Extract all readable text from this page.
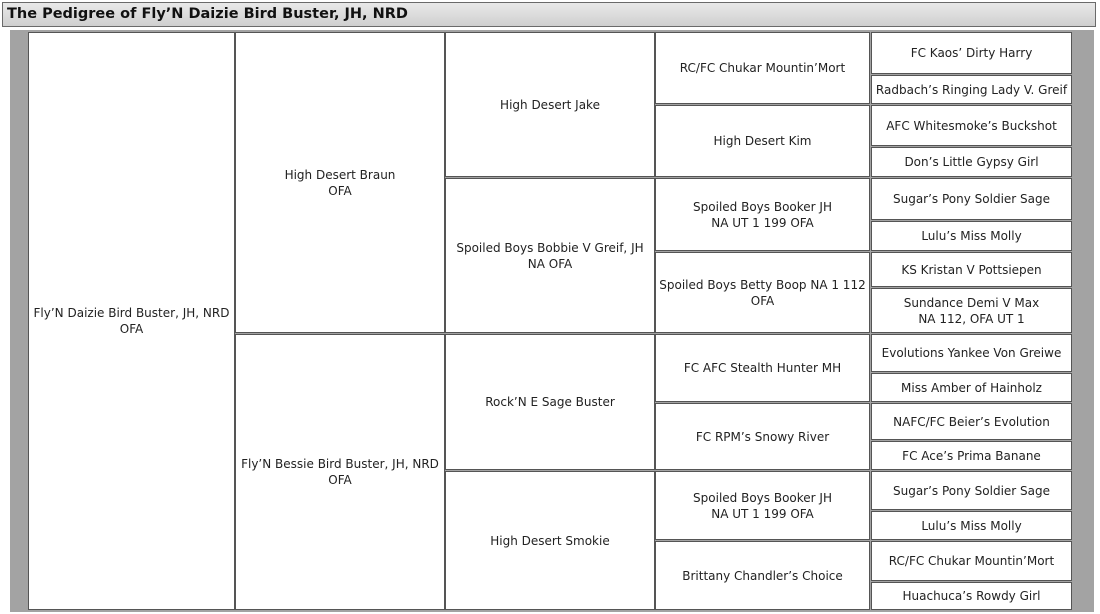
The Pedigree of Fly’N Daizie Bird Buster, JH, NRD
Fly’N Daizie Bird Buster, JH, NRD
OFA
High Desert Braun
OFA
Fly’N Bessie Bird Buster, JH, NRD
OFA
High Desert Jake
Spoiled Boys Bobbie V Greif, JH
NA OFA
Rock’N E Sage Buster
High Desert Smokie
RC/FC Chukar Mountin’Mort
High Desert Kim
Spoiled Boys Booker JH
NA UT 1 199 OFA
Spoiled Boys Betty Boop NA 1 112
OFA
FC AFC Stealth Hunter MH
FC RPM’s Snowy River
Spoiled Boys Booker JH
NA UT 1 199 OFA
Brittany Chandler’s Choice
FC Kaos’ Dirty Harry
Radbach’s Ringing Lady V. Greif
AFC Whitesmoke’s Buckshot
Don’s Little Gypsy Girl
Sugar’s Pony Soldier Sage
Lulu’s Miss Molly
KS Kristan V Pottsiepen
Sundance Demi V Max
NA 112, OFA UT 1
Evolutions Yankee Von Greiwe
Miss Amber of Hainholz
NAFC/FC Beier’s Evolution
FC Ace’s Prima Banane
Sugar’s Pony Soldier Sage
Lulu’s Miss Molly
RC/FC Chukar Mountin’Mort
Huachuca’s Rowdy Girl
